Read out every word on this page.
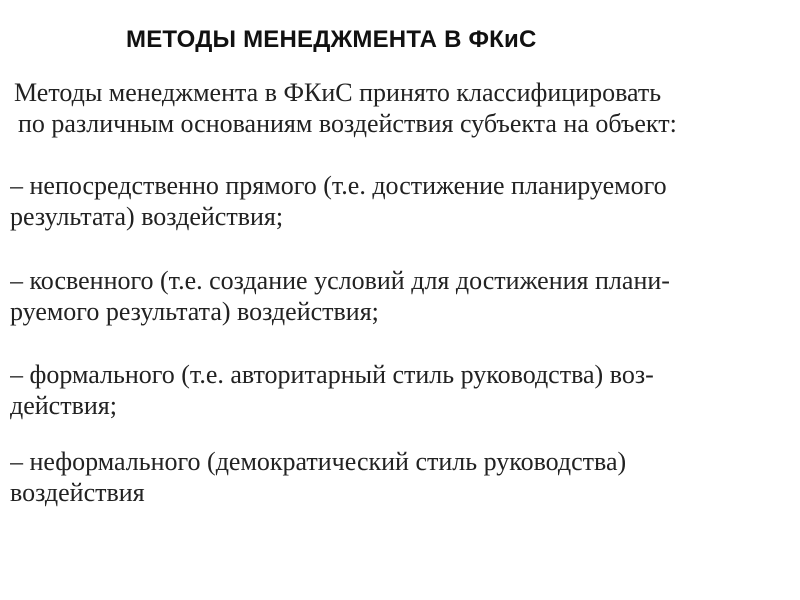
МЕТОДЫ МЕНЕДЖМЕНТА В ФКиС
Методы менеджмента в ФКиС принято классифицировать
по различным основаниям воздействия субъекта на объект:
– непосредственно прямого (т.е. достижение планируемого
результата) воздействия;
– косвенного (т.е. создание условий для достижения плани-
руемого результата) воздействия;
– формального (т.е. авторитарный стиль руководства) воз-
действия;
– неформального (демократический стиль руководства)
воздействия
